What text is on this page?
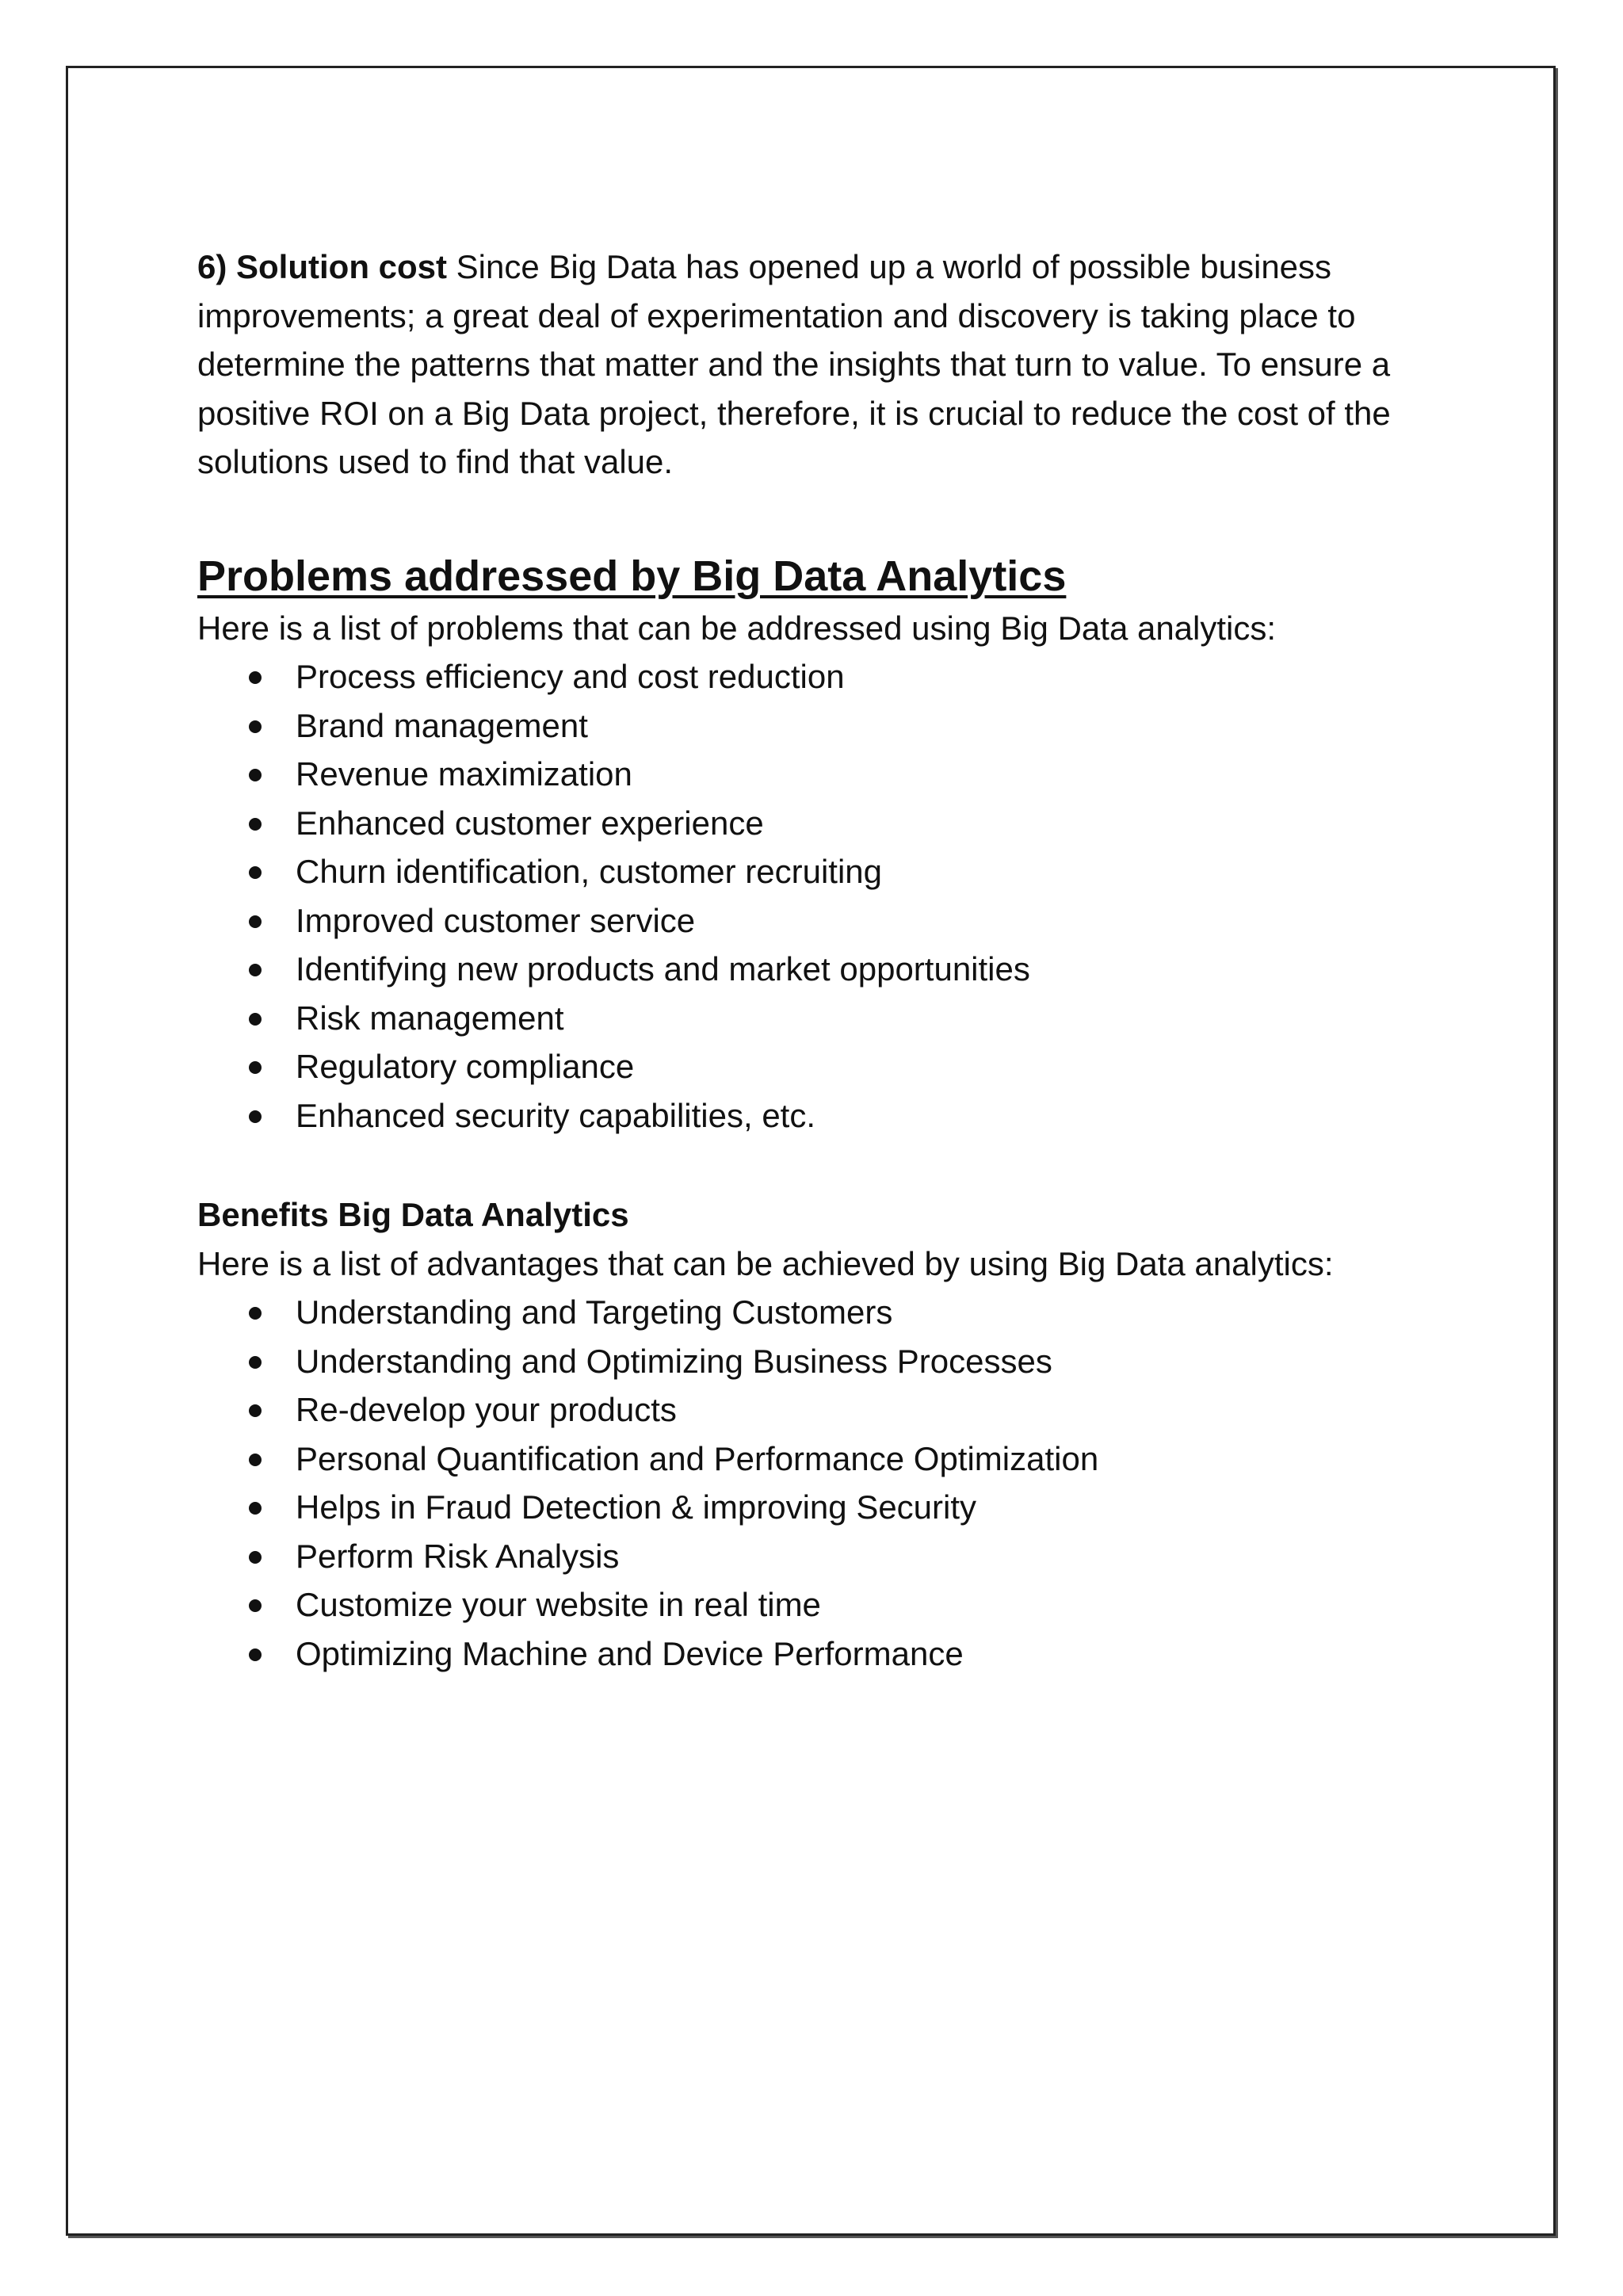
6) Solution cost Since Big Data has opened up a world of possible business improvements; a great deal of experimentation and discovery is taking place to determine the patterns that matter and the insights that turn to value. To ensure a positive ROI on a Big Data project, therefore, it is crucial to reduce the cost of the solutions used to find that value.

Problems addressed by Big Data Analytics

Here is a list of problems that can be addressed using Big Data analytics:

Process efficiency and cost reduction
Brand management
Revenue maximization
Enhanced customer experience
Churn identification, customer recruiting
Improved customer service
Identifying new products and market opportunities
Risk management
Regulatory compliance
Enhanced security capabilities, etc.
Benefits Big Data Analytics

Here is a list of advantages that can be achieved by using Big Data analytics:

Understanding and Targeting Customers
Understanding and Optimizing Business Processes
Re-develop your products
Personal Quantification and Performance Optimization
Helps in Fraud Detection & improving Security
Perform Risk Analysis
Customize your website in real time
Optimizing Machine and Device Performance
